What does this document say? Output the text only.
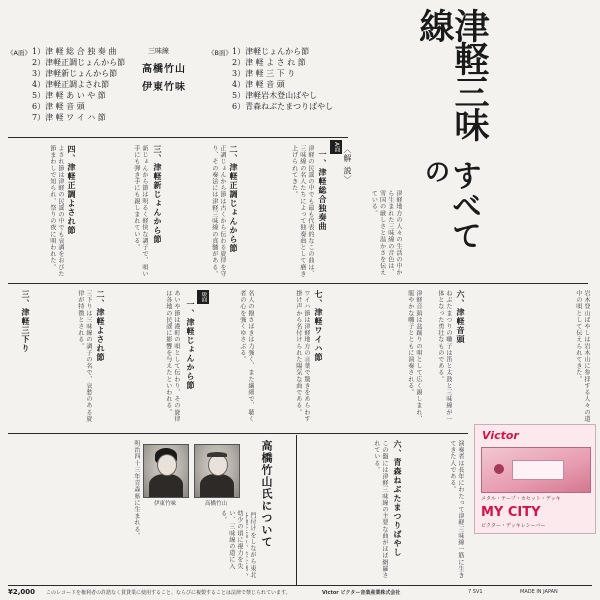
《A面》 1）津 軽 総 合 独 奏 曲
2）津軽正調じょんから節
3）津軽新じょんから節
4）津軽正調よされ節
5）津 軽 あ い や 節
6）津 軽 音 頭
7）津 軽 ワ イ ハ 節
三味線
高橋竹山
伊東竹味
《B面》 1）津軽じょんから節
2）津 軽 よ さ れ 節
3）津 軽 三 下 り
4）津 軽 音 頭
5）津軽岩木登山ばやし
6）青森ねぶたまつりばやし	津軽三味線
の
すべて
〈解 説〉
A面
一、津軽総合独奏曲
津軽の民謡の中でも最も代表的なこの曲は、三味線の名人たちによって独奏曲として磨き上げられてきた。
二、津軽正調じょんから節
正調じょんから節は古くから伝わる旋律を守り、その奏法には津軽三味線の真髄がある。
三、津軽新じょんから節
新じょんから節は明るく軽快な調子で、唄い手にも弾き手にも親しまれている。
四、津軽正調よされ節
よされ節は津軽の民謡の中でも哀調をおびた節まわしで知られ、祭りの夜に唄われた。	津軽地方の人々の生活の中から生まれた三味線の音色は、雪国の厳しさと温かさを伝えている。
B面
一、津軽じょんから節	名人の撥さばきは力強く、また繊細で、聴く者の心を強くゆさぶる。
あいや節は港町の唄として伝わり、その旋律は各地の民謡に影響を与えたといわれる。
二、津軽よされ節
三下りは三味線の調子の名で、哀愁のある旋律が特徴とされる。
三、津軽三下り	七、津軽ワイハ節
ワイハ節は津軽地方の言葉で驚きをあらわす掛け声から名付けられた陽気な曲である。	津軽音頭は盆踊りの唄として広く親しまれ、賑やかな囃子とともに演奏される。	六、津軽音頭
ねぶたまつりの囃子は笛と太鼓と三味線が一体となった勇壮なものである。	岩木登山ばやしは岩木山に参拝する人々の道中の唄として伝えられてきた。
明治四十三年青森県に生まれる。	伊東竹味	高橋竹山
幼少の頃に視力を失い、三味線の道に入る。	高橋竹山氏について
門付けをしながら東北	この盤には津軽三味線の主要な曲がほぼ網羅されている。	六、青森ねぶたまつりばやし	演奏者は長年にわたって津軽三味線一筋に生きてきた人である。
Victor
メタル・テープ・カセット・デッキ
MY CITY
ビクター・デッキレシーバー
¥2,000 このレコードを権利者の許諾なく賃貸業に使用すること、ならびに複製することは法律で禁じられています。	Victor ビクター音楽産業株式会社	7 SV1	MADE IN JAPAN
